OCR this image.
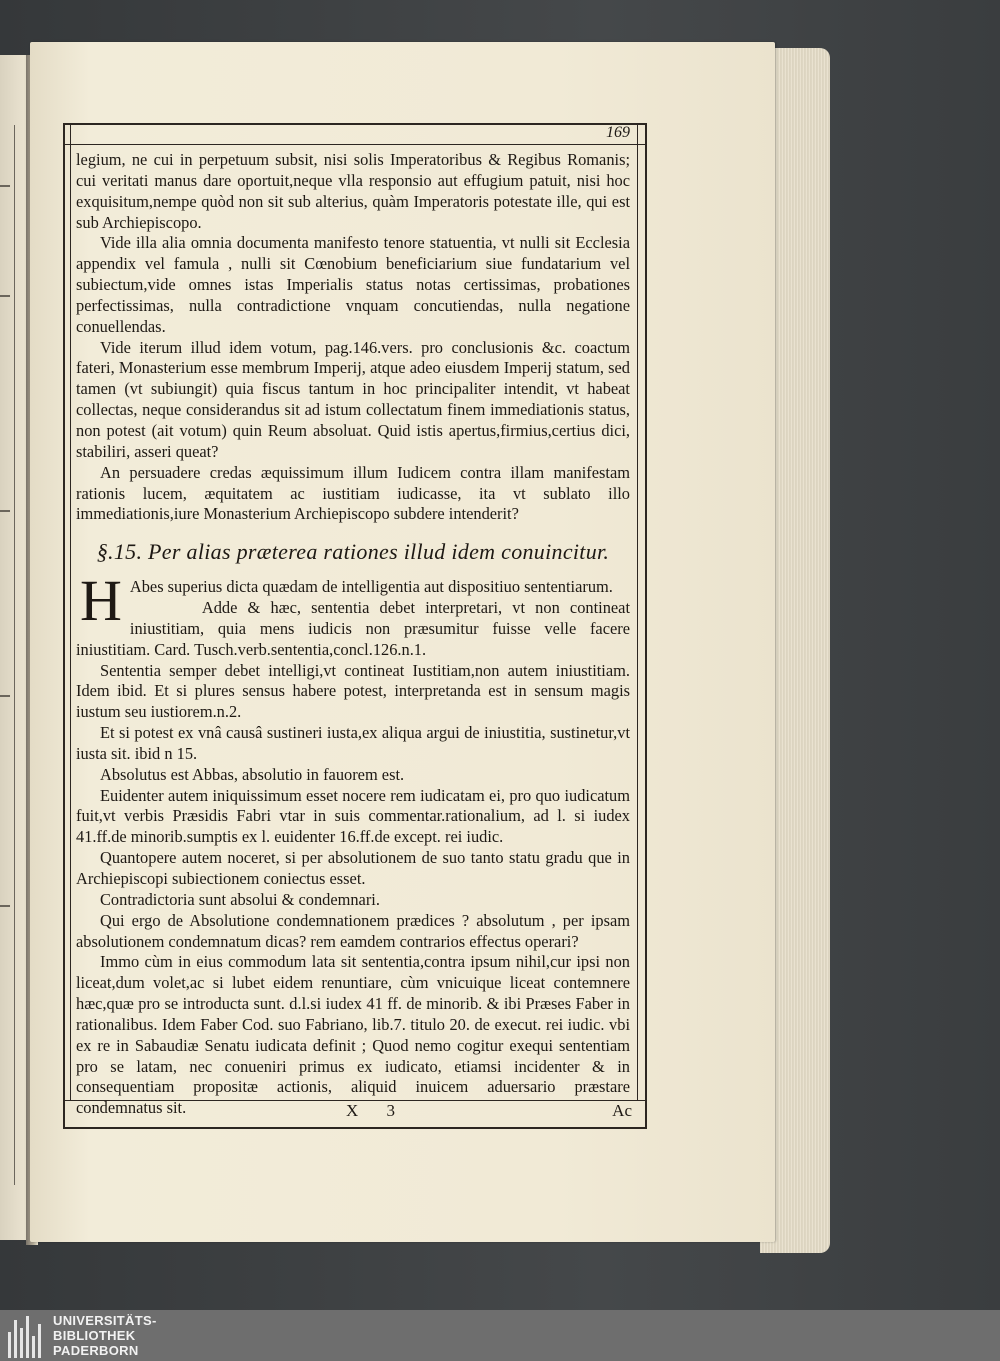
169

legium, ne cui in perpetuum subsit, nisi solis Imperatoribus & Regibus Romanis; cui veritati manus dare oportuit,neque vlla responsio aut effugium patuit, nisi hoc exquisitum,nempe quòd non sit sub alterius, quàm Imperatoris potestate ille, qui est sub Archiepiscopo.

Vide illa alia omnia documenta manifesto tenore statuentia, vt nulli sit Ecclesia appendix vel famula , nulli sit Cœnobium beneficiarium siue fundatarium vel subiectum,vide omnes istas Imperialis status notas certissimas, probationes perfectissimas, nulla contradictione vnquam concutiendas, nulla negatione conuellendas.

Vide iterum illud idem votum, pag.146.vers. pro conclusionis &c. coactum fateri, Monasterium esse membrum Imperij, atque adeo eiusdem Imperij statum, sed tamen (vt subiungit) quia fiscus tantum in hoc principaliter intendit, vt habeat collectas, neque considerandus sit ad istum collectatum finem immediationis status, non potest (ait votum) quin Reum absoluat. Quid istis apertus,firmius,certius dici, stabiliri, asseri queat?

An persuadere credas æquissimum illum Iudicem contra illam manifestam rationis lucem, æquitatem ac iustitiam iudicasse, ita vt sublato illo immediationis,iure Monasterium Archiepiscopo subdere intenderit?

§.15. Per alias præterea rationes illud idem conuincitur.

H Abes superius dicta quædam de intelligentia aut dispositiuo sententiarum.

Adde & hæc, sententia debet interpretari, vt non contineat iniustitiam, quia mens iudicis non præsumitur fuisse velle facere iniustitiam. Card. Tusch.verb.sententia,concl.126.n.1.

Sententia semper debet intelligi,vt contineat Iustitiam,non autem iniustitiam. Idem ibid. Et si plures sensus habere potest, interpretanda est in sensum magis iustum seu iustiorem.n.2.

Et si potest ex vnâ causâ sustineri iusta,ex aliqua argui de iniustitia, sustinetur,vt iusta sit. ibid n 15.

Absolutus est Abbas, absolutio in fauorem est.

Euidenter autem iniquissimum esset nocere rem iudicatam ei, pro quo iudicatum fuit,vt verbis Præsidis Fabri vtar in suis commentar.rationalium, ad l. si iudex 41.ff.de minorib.sumptis ex l. euidenter 16.ff.de except. rei iudic.

Quantopere autem noceret, si per absolutionem de suo tanto statu gradu que in Archiepiscopi subiectionem coniectus esset.

Contradictoria sunt absolui & condemnari.

Qui ergo de Absolutione condemnationem prædices ? absolutum , per ipsam absolutionem condemnatum dicas? rem eamdem contrarios effectus operari?

Immo cùm in eius commodum lata sit sententia,contra ipsum nihil,cur ipsi non liceat,dum volet,ac si lubet eidem renuntiare, cùm vnicuique liceat contemnere hæc,quæ pro se introducta sunt. d.l.si iudex 41 ff. de minorib. & ibi Præses Faber in rationalibus. Idem Faber Cod. suo Fabriano, lib.7. titulo 20. de execut. rei iudic. vbi ex re in Sabaudiæ Senatu iudicata definit ; Quod nemo cogitur exequi sententiam pro se latam, nec conueniri primus ex iudicato, etiamsi incidenter & in consequentiam propositæ actionis, aliquid inuicem aduersario præstare condemnatus sit.	X 3	Ac
UNIVERSITÄTS-
BIBLIOTHEK
PADERBORN
